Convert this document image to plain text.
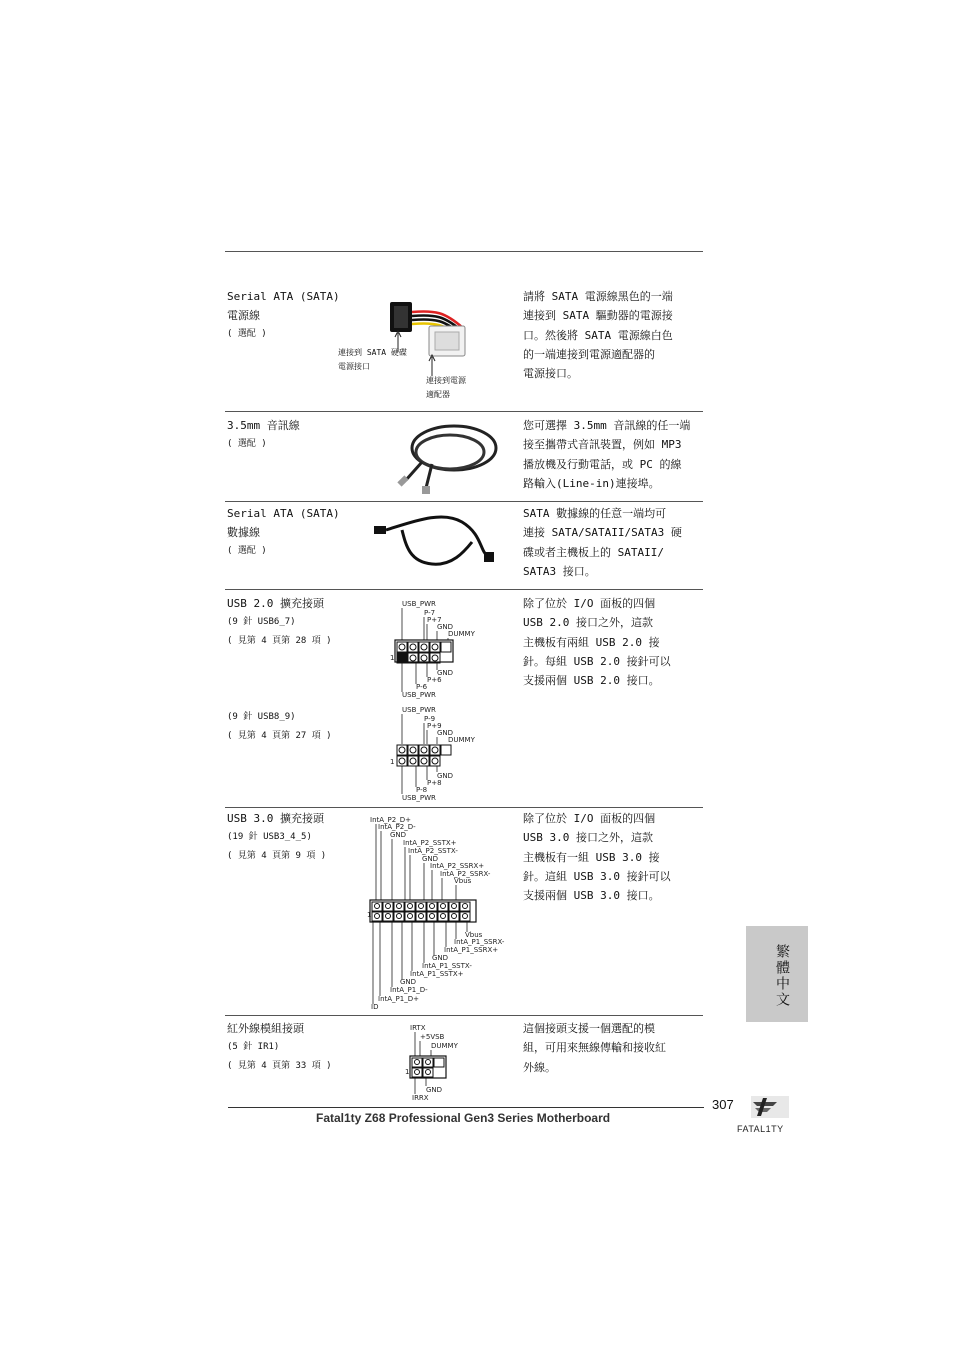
Serial ATA (SATA)
電源線
( 選配 )
連接到 SATA 硬碟
電源接口
連接到電源
適配器
請將 SATA 電源線黑色的一端
連接到 SATA 驅動器的電源接
口。然後將 SATA 電源線白色
的一端連接到電源適配器的
電源接口。
3.5mm 音訊線
( 選配 )
您可選擇 3.5mm 音訊線的任一端
接至攜帶式音訊裝置，例如 MP3
播放機及行動電話，或 PC 的線
路輸入(Line-in)連接埠。
Serial ATA (SATA)
數據線
( 選配 )
SATA 數據線的任意一端均可
連接 SATA/SATAII/SATA3 硬
碟或者主機板上的 SATAII/
SATA3 接口。
USB 2.0 擴充接頭
(9 針 USB6_7)
( 見第 4 頁第 28 項 )
(9 針 USB8_9)
( 見第 4 頁第 27 項 )
USB_PWR
P-7
P+7
GND
DUMMY
GND
P+6
P-6
USB_PWR
1
USB_PWR
P-9
P+9
GND
DUMMY
GND
P+8
P-8
USB_PWR
1
除了位於 I/O 面板的四個
USB 2.0 接口之外，這款
主機板有兩組 USB 2.0 接
針。每組 USB 2.0 接針可以
支援兩個 USB 2.0 接口。
USB 3.0 擴充接頭
(19 針 USB3_4_5)
( 見第 4 頁第 9 項 )
IntA_P2_D+
IntA_P2_D-
GND
IntA_P2_SSTX+
IntA_P2_SSTX-
GND
IntA_P2_SSRX+
IntA_P2_SSRX-
Vbus
Vbus
IntA_P1_SSRX-
IntA_P1_SSRX+
GND
IntA_P1_SSTX-
IntA_P1_SSTX+
GND
IntA_P1_D-
IntA_P1_D+
ID
1
除了位於 I/O 面板的四個
USB 3.0 接口之外，這款
主機板有一組 USB 3.0 接
針。這組 USB 3.0 接針可以
支援兩個 USB 3.0 接口。
紅外線模組接頭
(5 針 IR1)
( 見第 4 頁第 33 項 )
IRTX
+5VSB
DUMMY
GND
IRRX
1
這個接頭支援一個選配的模
組，可用來無線傳輸和接收紅
外線。
繁體中文
307
Fatal1ty Z68 Professional Gen3 Series Motherboard
FATAL1TY
